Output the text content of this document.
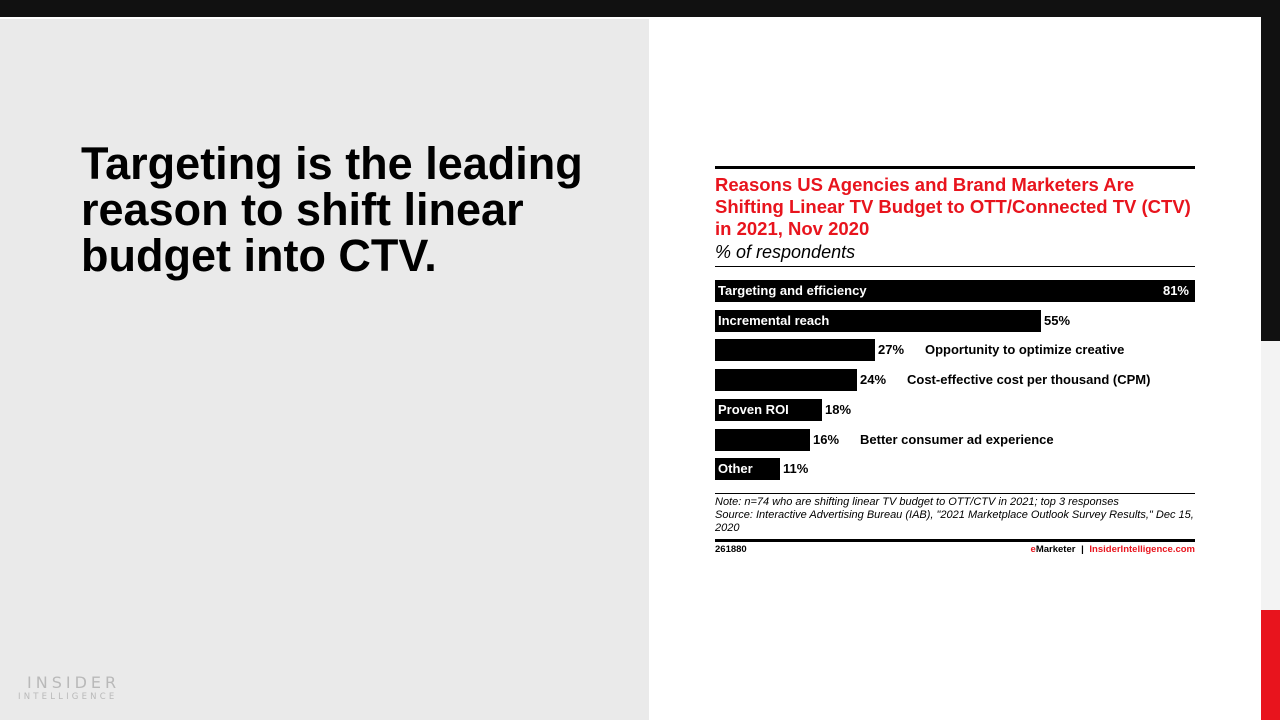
Targeting is the leading reason to shift linear budget into CTV.
INSIDER
INTELLIGENCE
Reasons US Agencies and Brand Marketers Are Shifting Linear TV Budget to OTT/Connected TV (CTV) in 2021, Nov 2020
% of respondents
81%
Targeting and efficiency
55%
Incremental reach
27% Opportunity to optimize creative
24% Cost-effective cost per thousand (CPM)
18%
Proven ROI
16% Better consumer ad experience
11%
Other
Note: n=74 who are shifting linear TV budget to OTT/CTV in 2021; top 3 responses
Source: Interactive Advertising Bureau (IAB), "2021 Marketplace Outlook Survey Results," Dec 15, 2020
261880	eMarketer | InsiderIntelligence.com
